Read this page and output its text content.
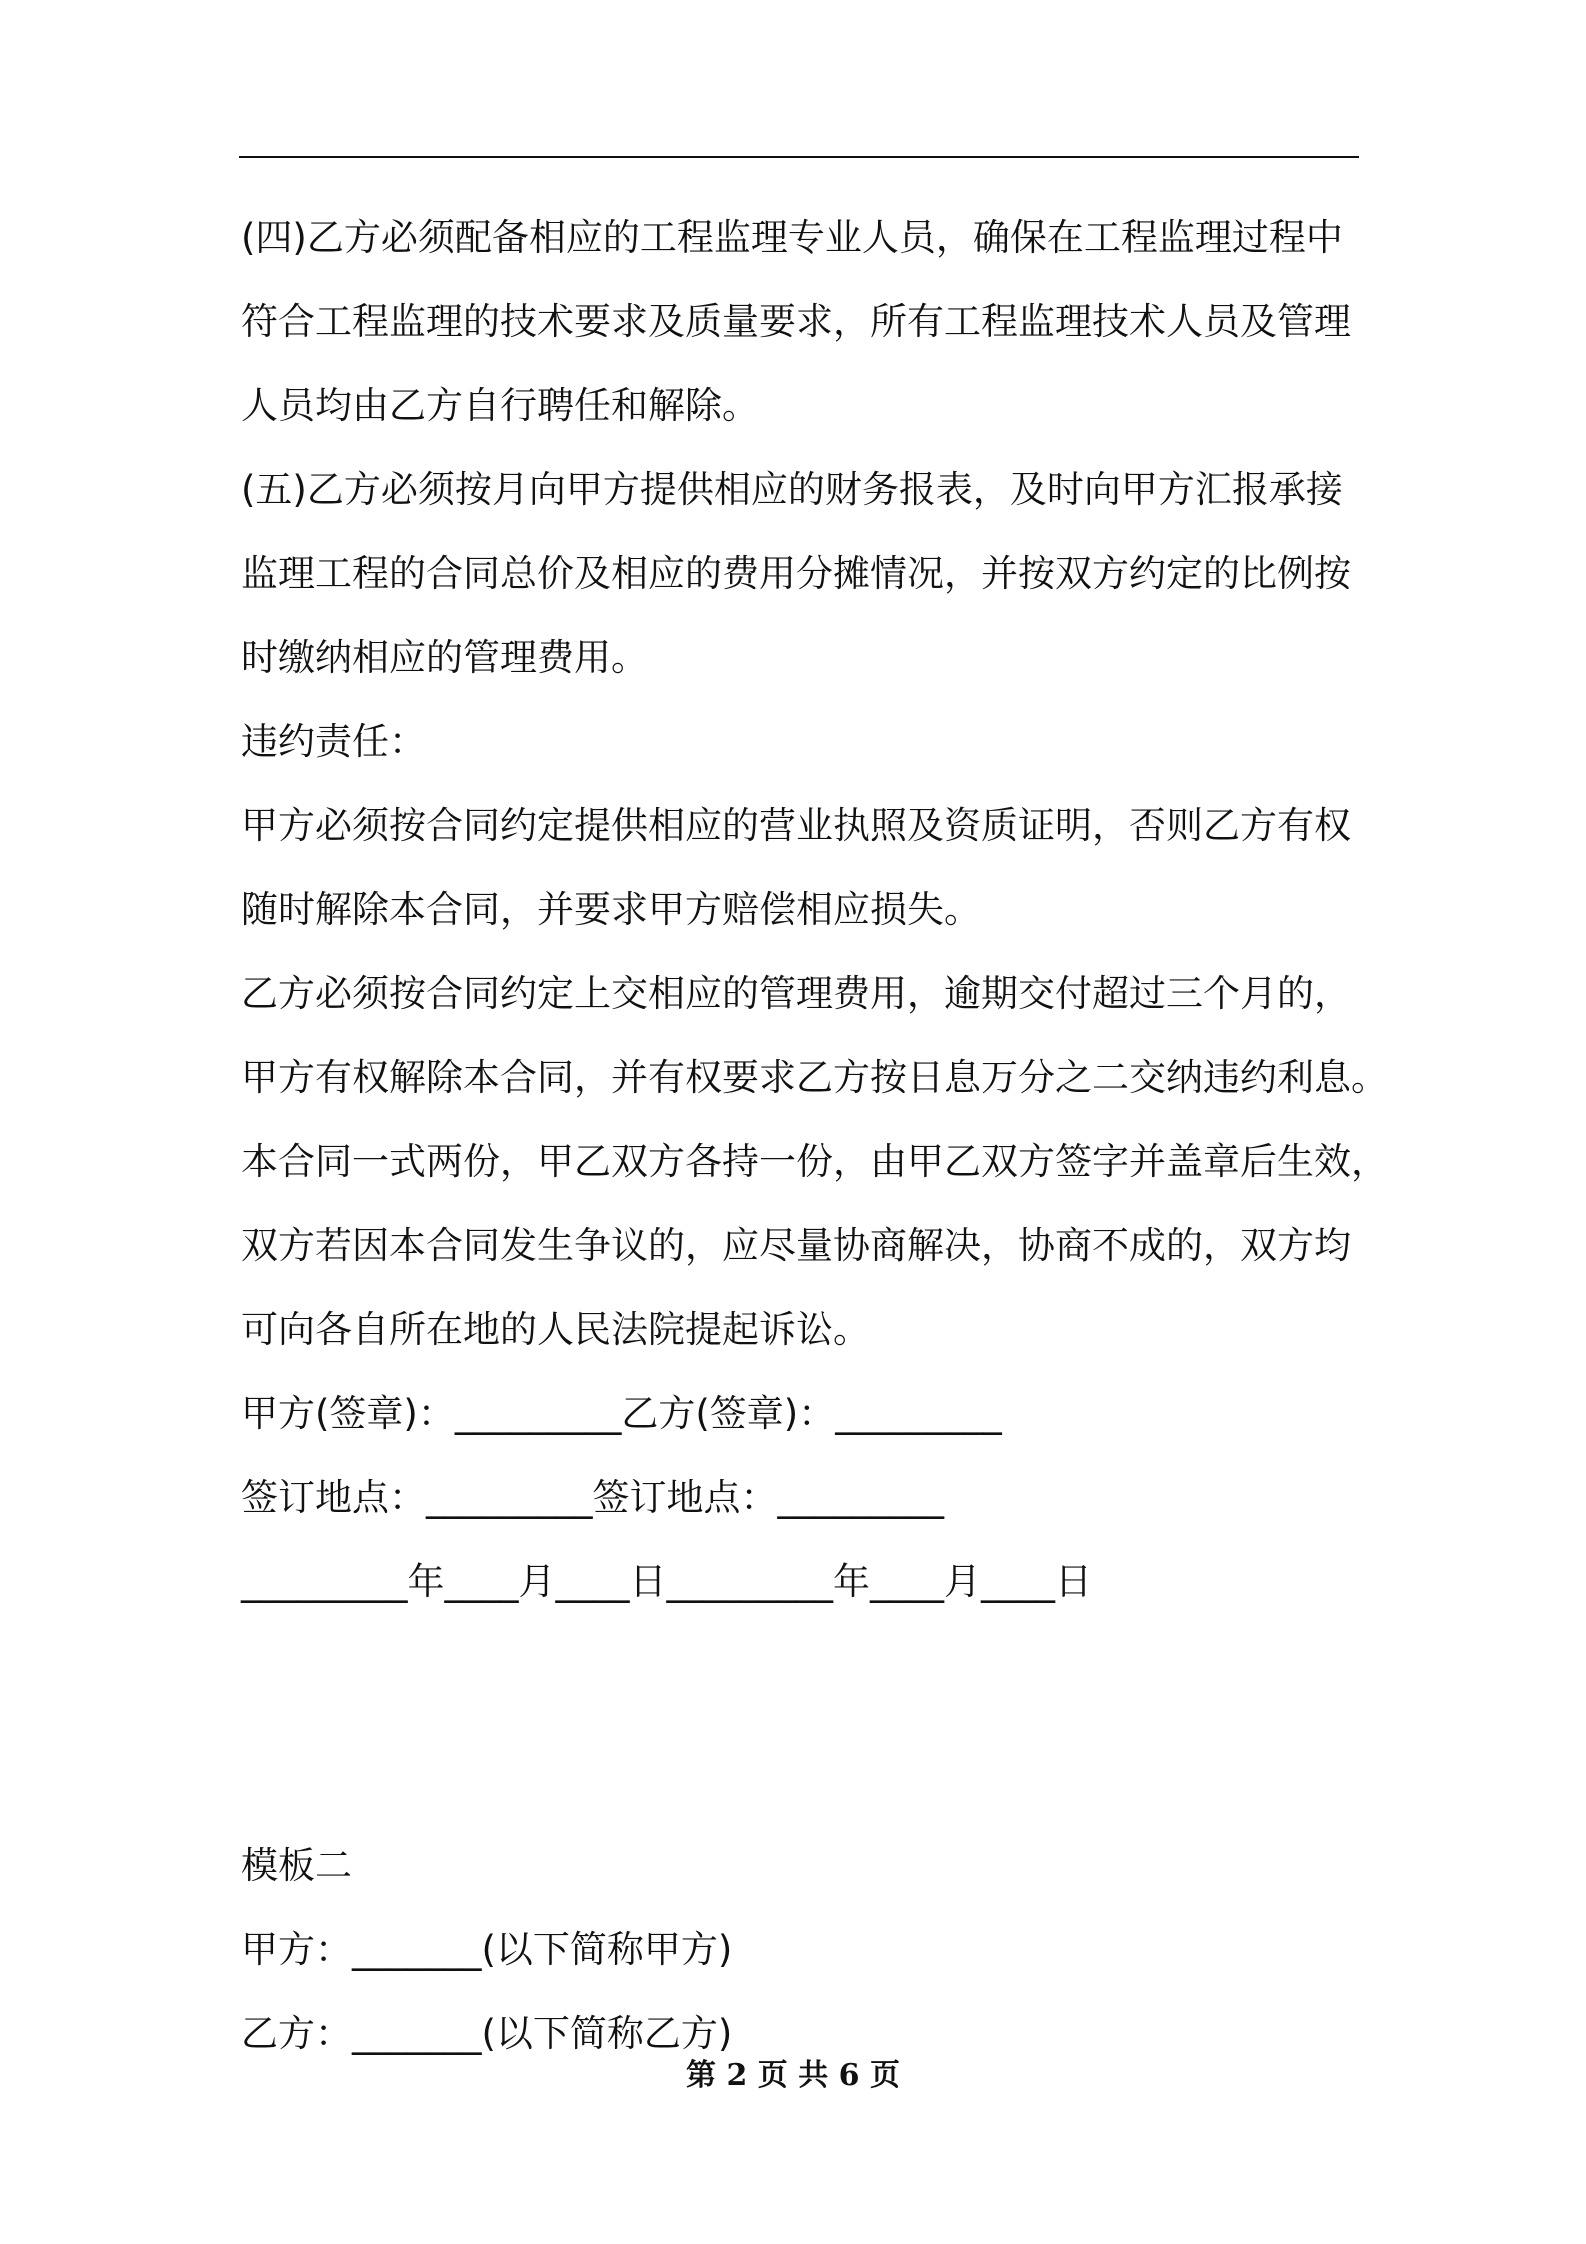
(四)乙方必须配备相应的工程监理专业人员，确保在工程监理过程中
符合工程监理的技术要求及质量要求，所有工程监理技术人员及管理
人员均由乙方自行聘任和解除。
(五)乙方必须按月向甲方提供相应的财务报表，及时向甲方汇报承接
监理工程的合同总价及相应的费用分摊情况，并按双方约定的比例按
时缴纳相应的管理费用。
违约责任：
甲方必须按合同约定提供相应的营业执照及资质证明，否则乙方有权
随时解除本合同，并要求甲方赔偿相应损失。
乙方必须按合同约定上交相应的管理费用，逾期交付超过三个月的，
甲方有权解除本合同，并有权要求乙方按日息万分之二交纳违约利息。
本合同一式两份，甲乙双方各持一份，由甲乙双方签字并盖章后生效，
双方若因本合同发生争议的，应尽量协商解决，协商不成的，双方均
可向各自所在地的人民法院提起诉讼。
甲方(签章)：_________乙方(签章)：_________
签订地点：_________签订地点：_________
_________年____月____日_________年____月____日
模板二
甲方：_______(以下简称甲方)
乙方：_______(以下简称乙方)
第 2 页 共 6 页
